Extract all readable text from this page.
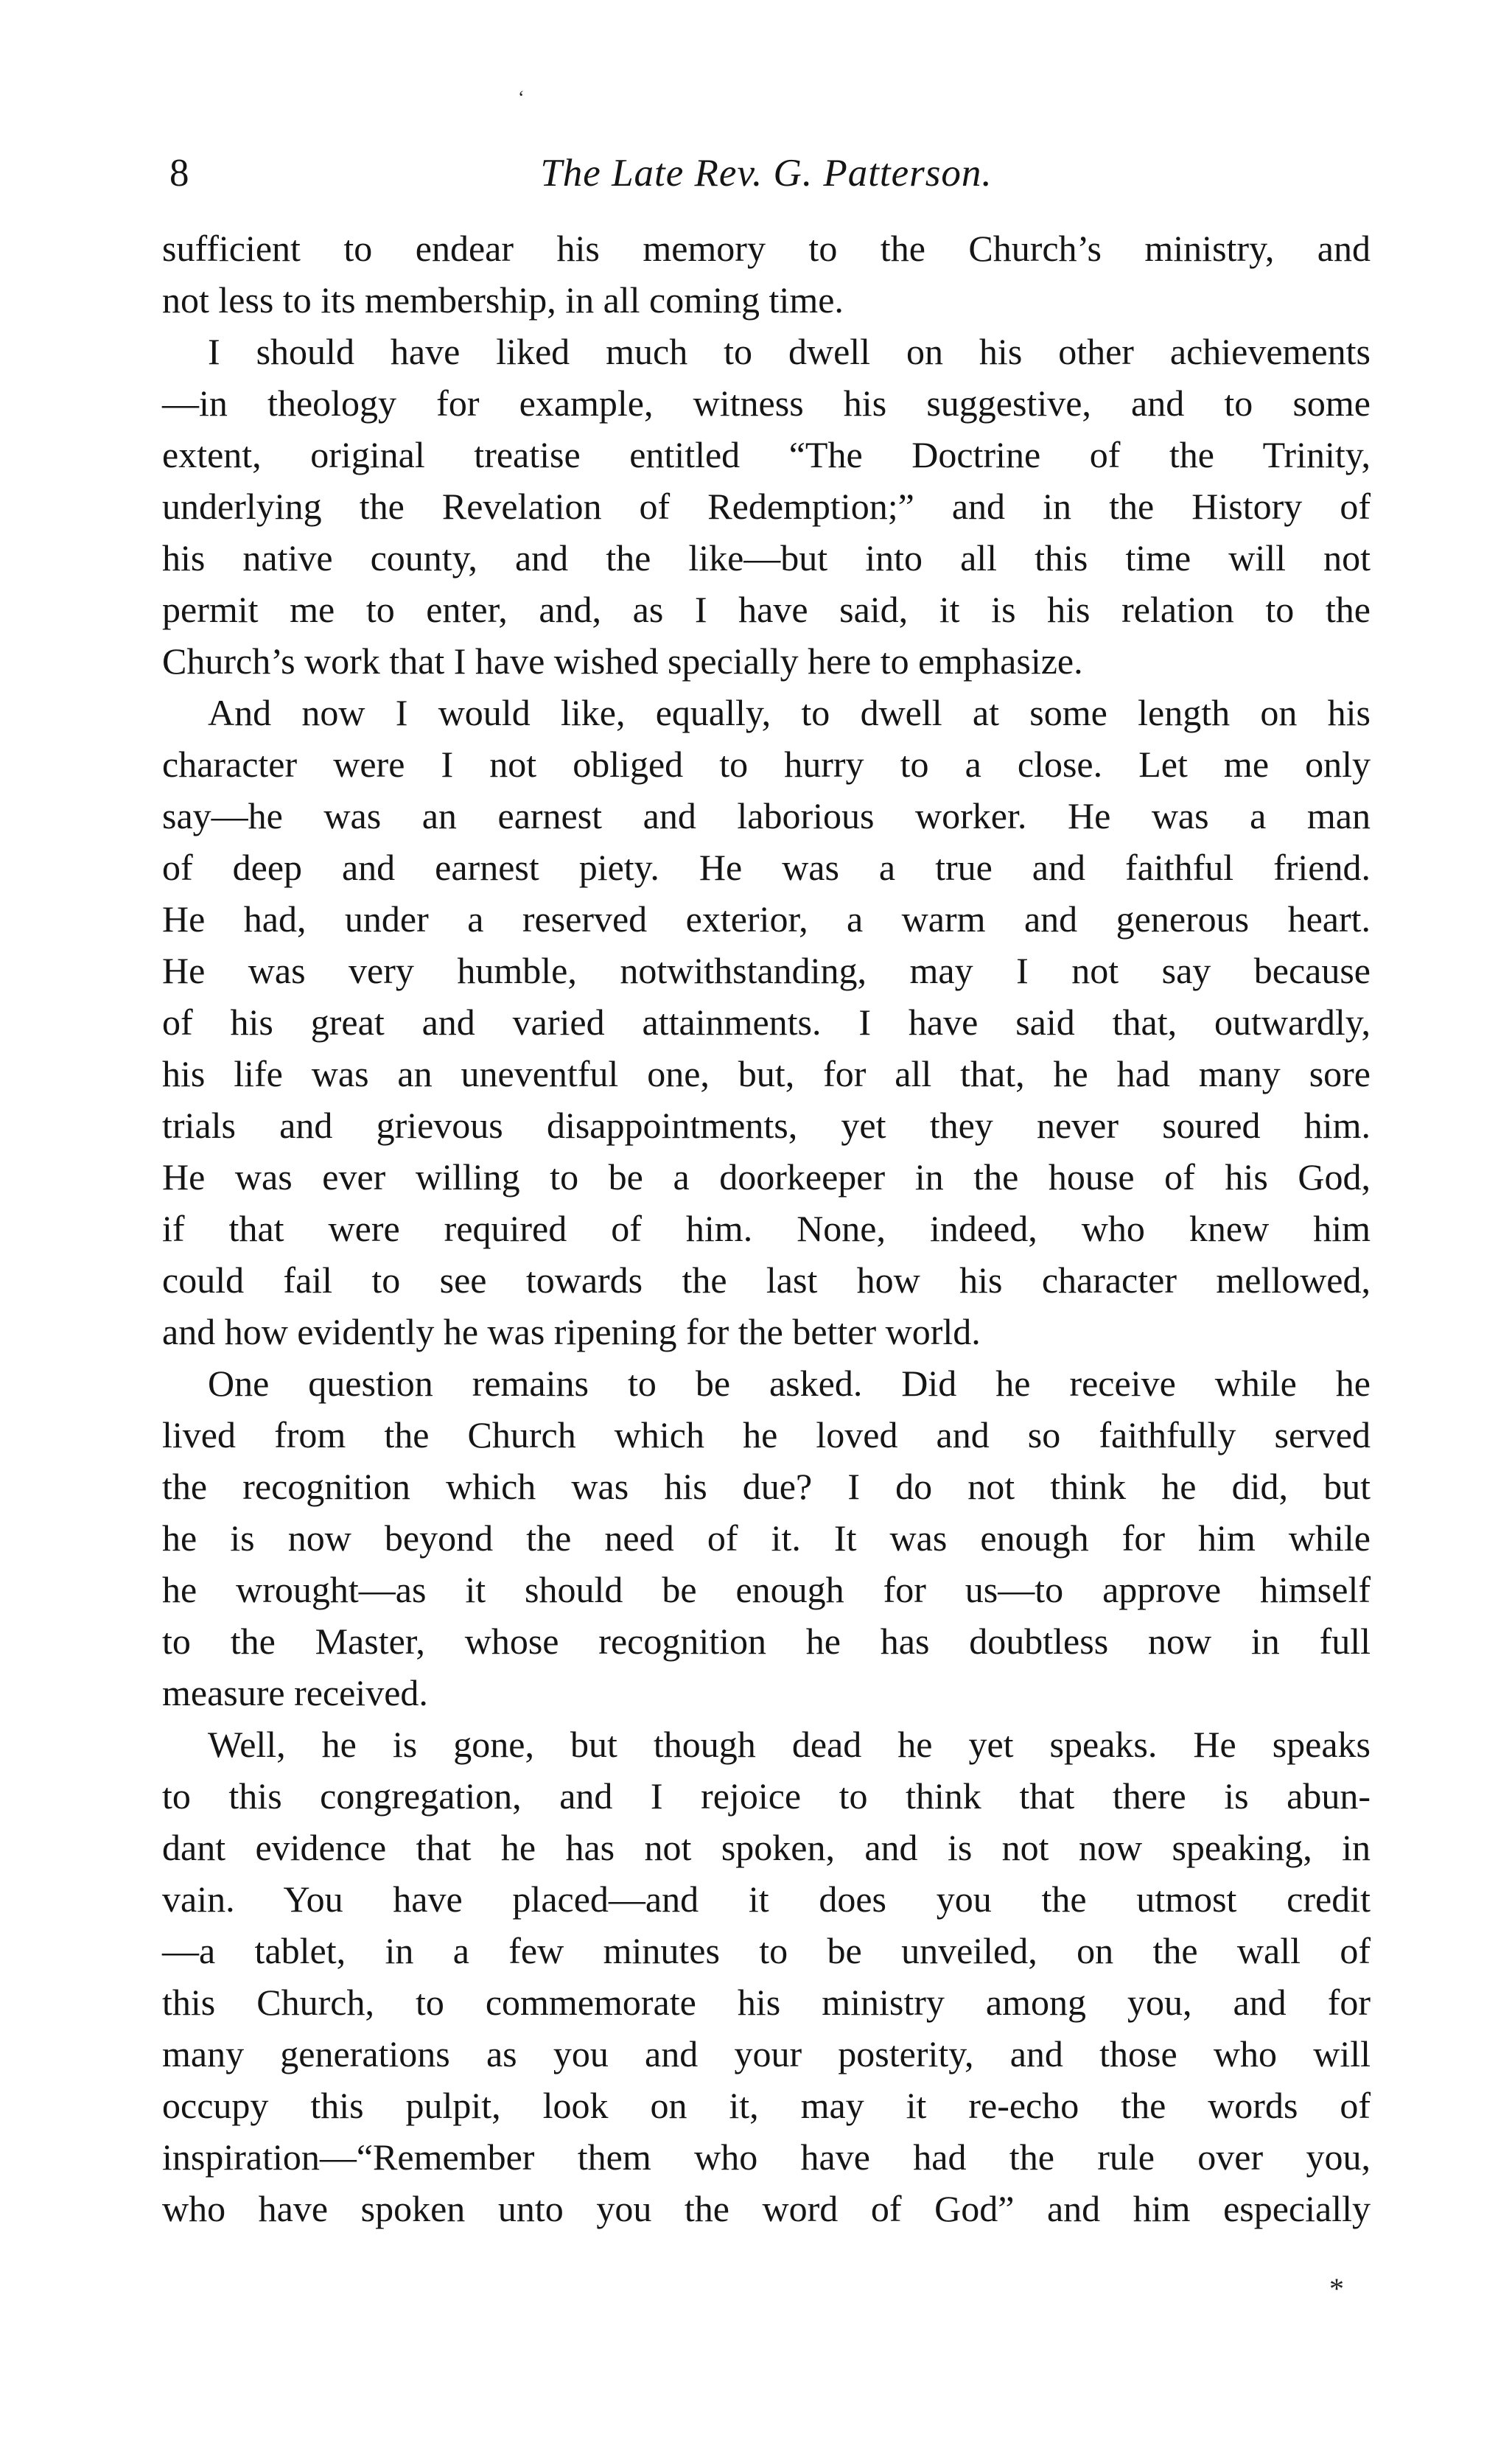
‘
8	The Late Rev. G. Patterson.
sufficient to endear his memory to the Church’s ministry, and
not less to its membership, in all coming time.
I should have liked much to dwell on his other achievements
—in theology for example, witness his suggestive, and to some
extent, original treatise entitled “The Doctrine of the Trinity,
underlying the Revelation of Redemption;” and in the History of
his native county, and the like—but into all this time will not
permit me to enter, and, as I have said, it is his relation to the
Church’s work that I have wished specially here to emphasize.
And now I would like, equally, to dwell at some length on his
character were I not obliged to hurry to a close. Let me only
say—he was an earnest and laborious worker. He was a man
of deep and earnest piety. He was a true and faithful friend.
He had, under a reserved exterior, a warm and generous heart.
He was very humble, notwithstanding, may I not say because
of his great and varied attainments. I have said that, outwardly,
his life was an uneventful one, but, for all that, he had many sore
trials and grievous disappointments, yet they never soured him.
He was ever willing to be a doorkeeper in the house of his God,
if that were required of him. None, indeed, who knew him
could fail to see towards the last how his character mellowed,
and how evidently he was ripening for the better world.
One question remains to be asked. Did he receive while he
lived from the Church which he loved and so faithfully served
the recognition which was his due? I do not think he did, but
he is now beyond the need of it. It was enough for him while
he wrought—as it should be enough for us—to approve himself
to the Master, whose recognition he has doubtless now in full
measure received.
Well, he is gone, but though dead he yet speaks. He speaks
to this congregation, and I rejoice to think that there is abun-
dant evidence that he has not spoken, and is not now speaking, in
vain. You have placed—and it does you the utmost credit
—a tablet, in a few minutes to be unveiled, on the wall of
this Church, to commemorate his ministry among you, and for
many generations as you and your posterity, and those who will
occupy this pulpit, look on it, may it re-echo the words of
inspiration—“Remember them who have had the rule over you,
who have spoken unto you the word of God” and him especially
*
